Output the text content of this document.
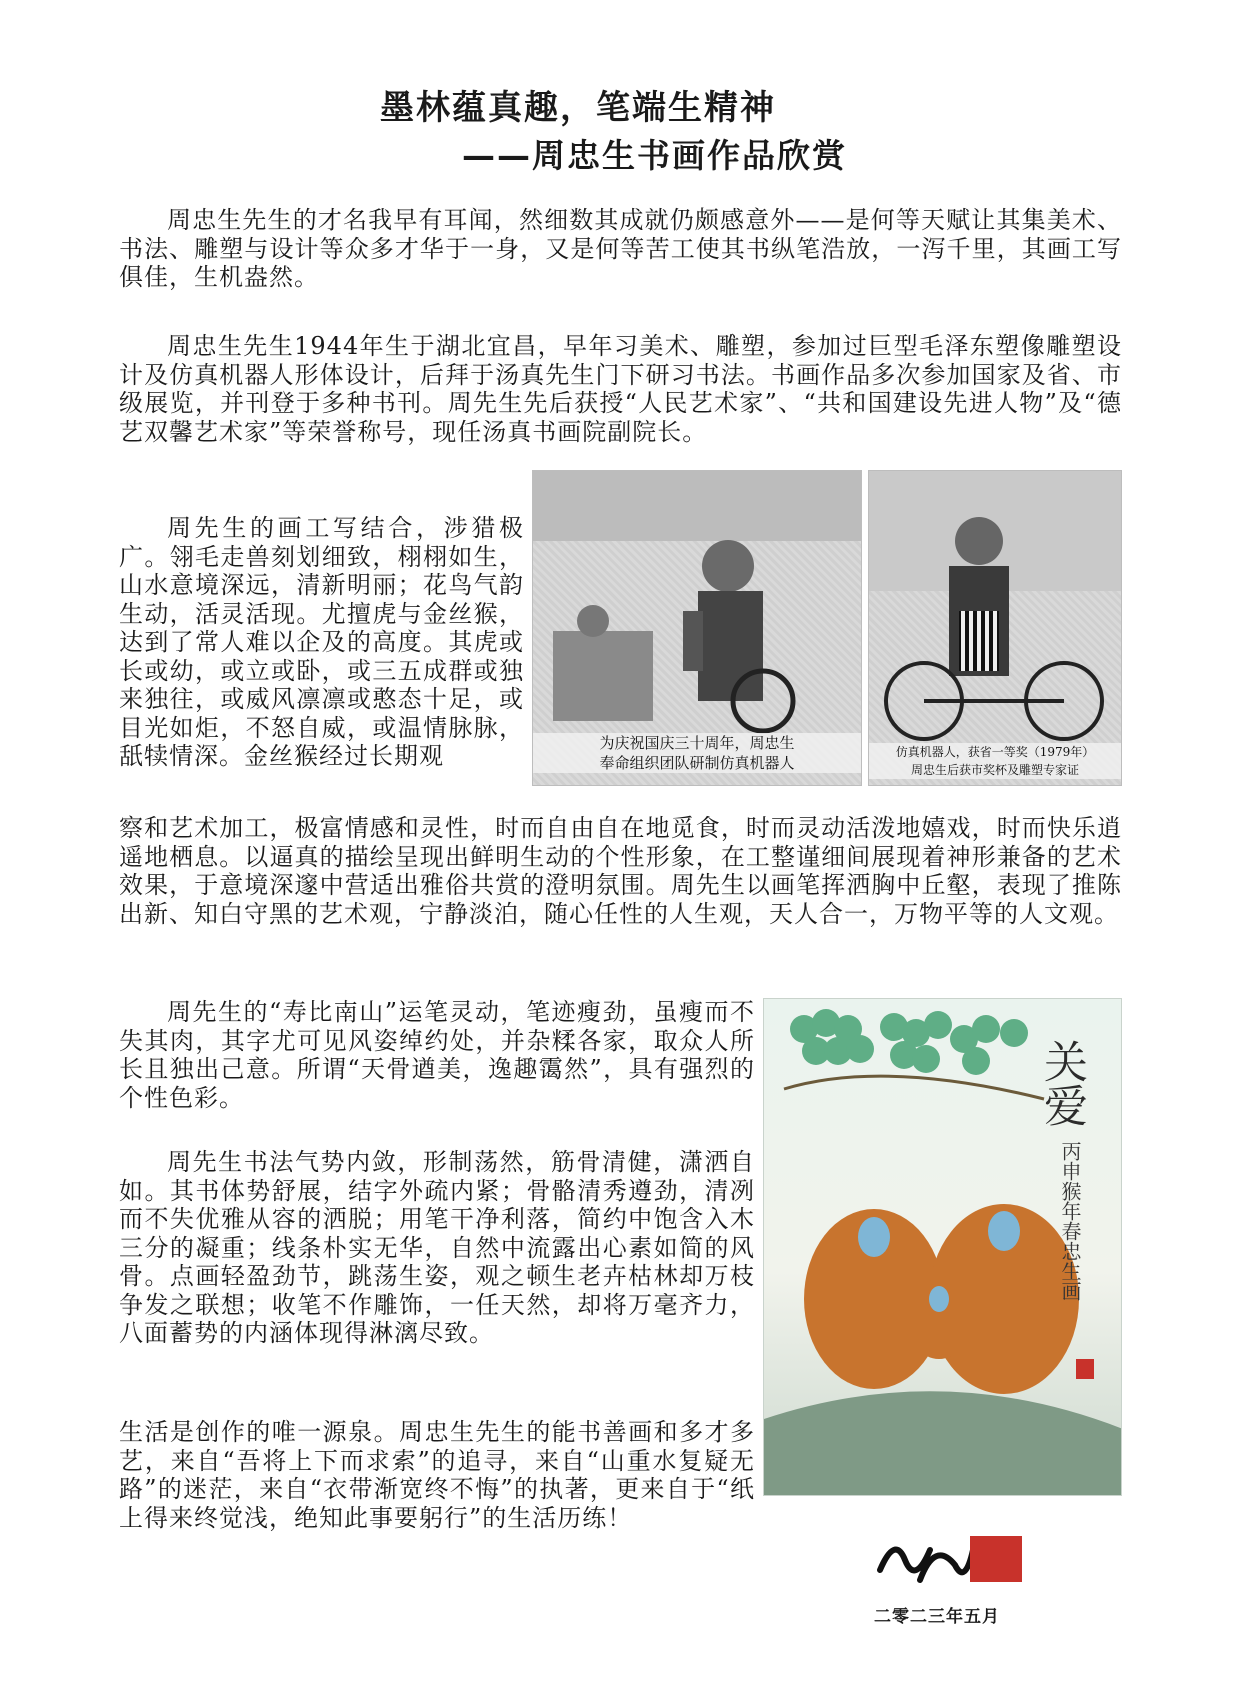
墨林蕴真趣，笔端生精神
——周忠生书画作品欣赏

周忠生先生的才名我早有耳闻，然细数其成就仍颇感意外——是何等天赋让其集美术、书法、雕塑与设计等众多才华于一身，又是何等苦工使其书纵笔浩放，一泻千里，其画工写俱佳，生机盎然。

周忠生先生1944年生于湖北宜昌，早年习美术、雕塑，参加过巨型毛泽东塑像雕塑设计及仿真机器人形体设计，后拜于汤真先生门下研习书法。书画作品多次参加国家及省、市级展览，并刊登于多种书刊。周先生先后获授“人民艺术家”、“共和国建设先进人物”及“德艺双馨艺术家”等荣誉称号，现任汤真书画院副院长。

周先生的画工写结合，涉猎极广。翎毛走兽刻划细致，栩栩如生，山水意境深远，清新明丽；花鸟气韵生动，活灵活现。尤擅虎与金丝猴，达到了常人难以企及的高度。其虎或长或幼，或立或卧，或三五成群或独来独往，或威风凛凛或憨态十足，或目光如炬，不怒自威，或温情脉脉，舐犊情深。金丝猴经过长期观

察和艺术加工，极富情感和灵性，时而自由自在地觅食，时而灵动活泼地嬉戏，时而快乐逍遥地栖息。以逼真的描绘呈现出鲜明生动的个性形象，在工整谨细间展现着神形兼备的艺术效果，于意境深邃中营适出雅俗共赏的澄明氛围。周先生以画笔挥洒胸中丘壑，表现了推陈出新、知白守黑的艺术观，宁静淡泊，随心任性的人生观，天人合一，万物平等的人文观。

周先生的“寿比南山”运笔灵动，笔迹瘦劲，虽瘦而不失其肉，其字尤可见风姿绰约处，并杂糅各家，取众人所长且独出己意。所谓“天骨遒美，逸趣霭然”，具有强烈的个性色彩。

周先生书法气势内敛，形制荡然，筋骨清健，潇洒自如。其书体势舒展，结字外疏内紧；骨骼清秀遵劲，清冽而不失优雅从容的洒脱；用笔干净利落，简约中饱含入木三分的凝重；线条朴实无华，自然中流露出心素如简的风骨。点画轻盈劲节，跳荡生姿，观之顿生老卉枯林却万枝争发之联想；收笔不作雕饰，一任天然，却将万毫齐力，八面蓄势的内涵体现得淋漓尽致。

生活是创作的唯一源泉。周忠生先生的能书善画和多才多艺，来自“吾将上下而求索”的追寻，来自“山重水复疑无路”的迷茫，来自“衣带渐宽终不悔”的执著，更来自于“纸上得来终觉浅，绝知此事要躬行”的生活历练！

为庆祝国庆三十周年，周忠生
奉命组织团队研制仿真机器人
仿真机器人，获省一等奖（1979年）
周忠生后获市奖杯及雕塑专家证
关爱
丙申猴年春忠生画
二零二三年五月
